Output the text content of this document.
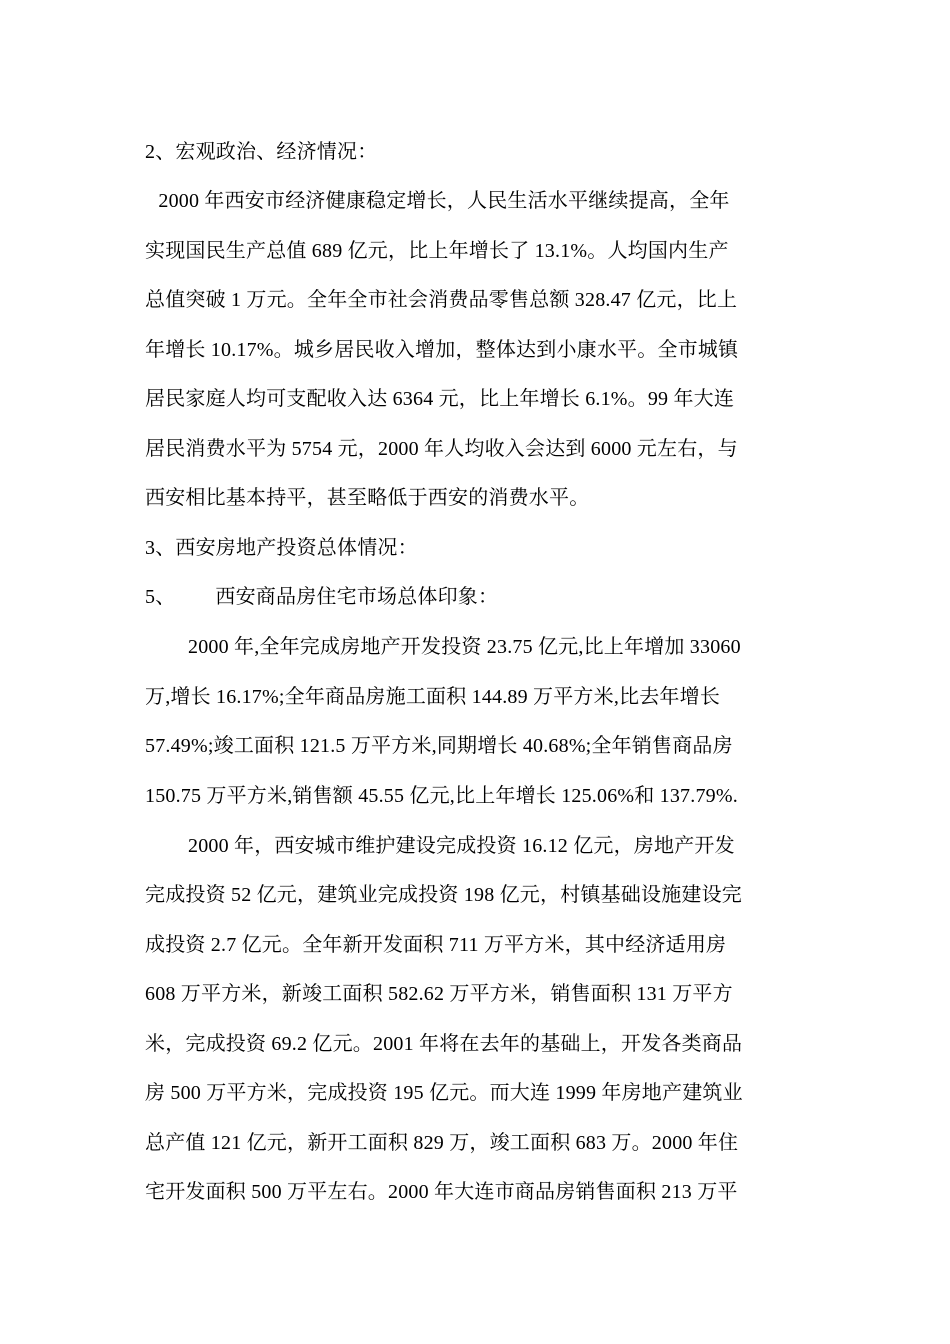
2、宏观政治、经济情况：
2000 年西安市经济健康稳定增长，人民生活水平继续提高，全年
实现国民生产总值 689 亿元，比上年增长了 13.1%。人均国内生产
总值突破 1 万元。全年全市社会消费品零售总额 328.47 亿元，比上
年增长 10.17%。城乡居民收入增加，整体达到小康水平。全市城镇
居民家庭人均可支配收入达 6364 元，比上年增长 6.1%。99 年大连
居民消费水平为 5754 元，2000 年人均收入会达到 6000 元左右，与
西安相比基本持平，甚至略低于西安的消费水平。
3、西安房地产投资总体情况：
5、 西安商品房住宅市场总体印象：
2000 年,全年完成房地产开发投资 23.75 亿元,比上年增加 33060
万,增长 16.17%;全年商品房施工面积 144.89 万平方米,比去年增长
57.49%;竣工面积 121.5 万平方米,同期增长 40.68%;全年销售商品房
150.75 万平方米,销售额 45.55 亿元,比上年增长 125.06%和 137.79%.
2000 年，西安城市维护建设完成投资 16.12 亿元，房地产开发
完成投资 52 亿元，建筑业完成投资 198 亿元，村镇基础设施建设完
成投资 2.7 亿元。全年新开发面积 711 万平方米，其中经济适用房
608 万平方米，新竣工面积 582.62 万平方米，销售面积 131 万平方
米，完成投资 69.2 亿元。2001 年将在去年的基础上，开发各类商品
房 500 万平方米，完成投资 195 亿元。而大连 1999 年房地产建筑业
总产值 121 亿元，新开工面积 829 万，竣工面积 683 万。2000 年住
宅开发面积 500 万平左右。2000 年大连市商品房销售面积 213 万平
